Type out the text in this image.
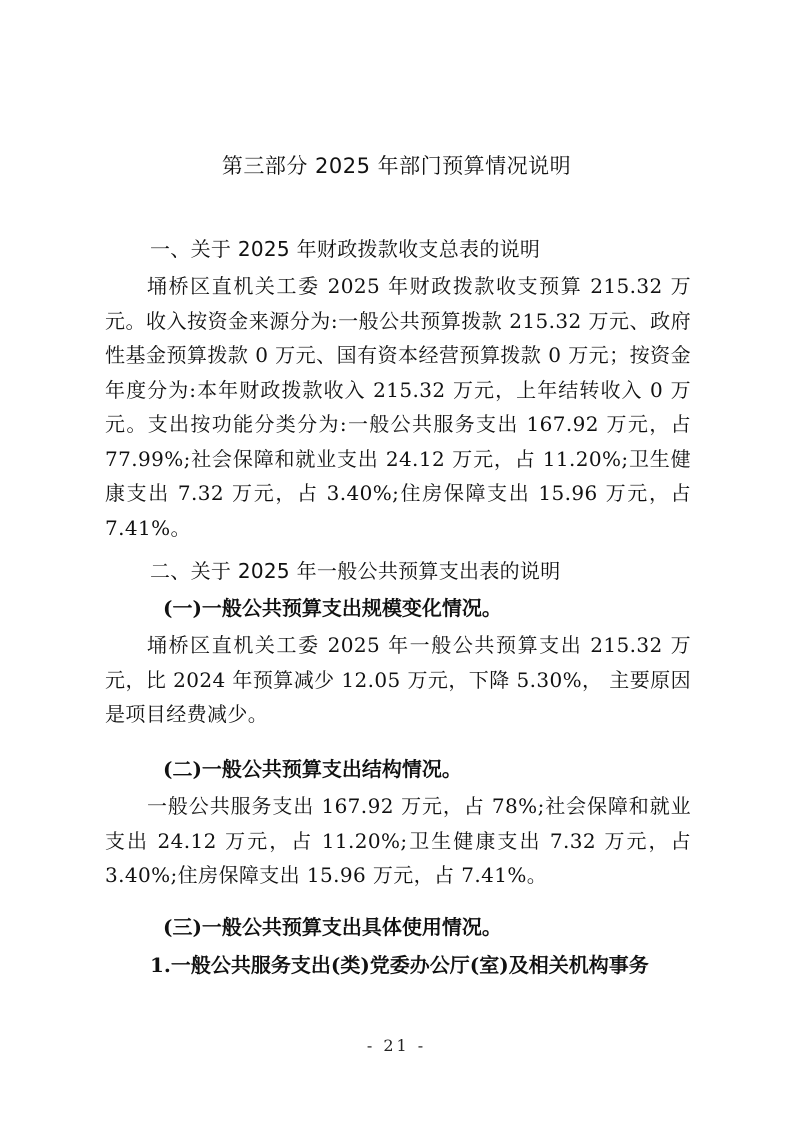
第三部分 2025 年部门预算情况说明
一、关于 2025 年财政拨款收支总表的说明
埇桥区直机关工委 2025 年财政拨款收支预算 215.32 万元。收入按资金来源分为:一般公共预算拨款 215.32 万元、政府性基金预算拨款 0 万元、国有资本经营预算拨款 0 万元；按资金年度分为:本年财政拨款收入 215.32 万元，上年结转收入 0 万元。支出按功能分类分为:一般公共服务支出 167.92 万元，占 77.99%;社会保障和就业支出 24.12 万元，占 11.20%;卫生健康支出 7.32 万元，占 3.40%;住房保障支出 15.96 万元，占 7.41%。
二、关于 2025 年一般公共预算支出表的说明
(一)一般公共预算支出规模变化情况。
埇桥区直机关工委 2025 年一般公共预算支出 215.32 万元，比 2024 年预算减少 12.05 万元，下降 5.30%， 主要原因是项目经费减少。
(二)一般公共预算支出结构情况。
一般公共服务支出 167.92 万元，占 78%;社会保障和就业支出 24.12 万元，占 11.20%;卫生健康支出 7.32 万元，占 3.40%;住房保障支出 15.96 万元，占 7.41%。
(三)一般公共预算支出具体使用情况。
1.一般公共服务支出(类)党委办公厅(室)及相关机构事务
- 21 -
